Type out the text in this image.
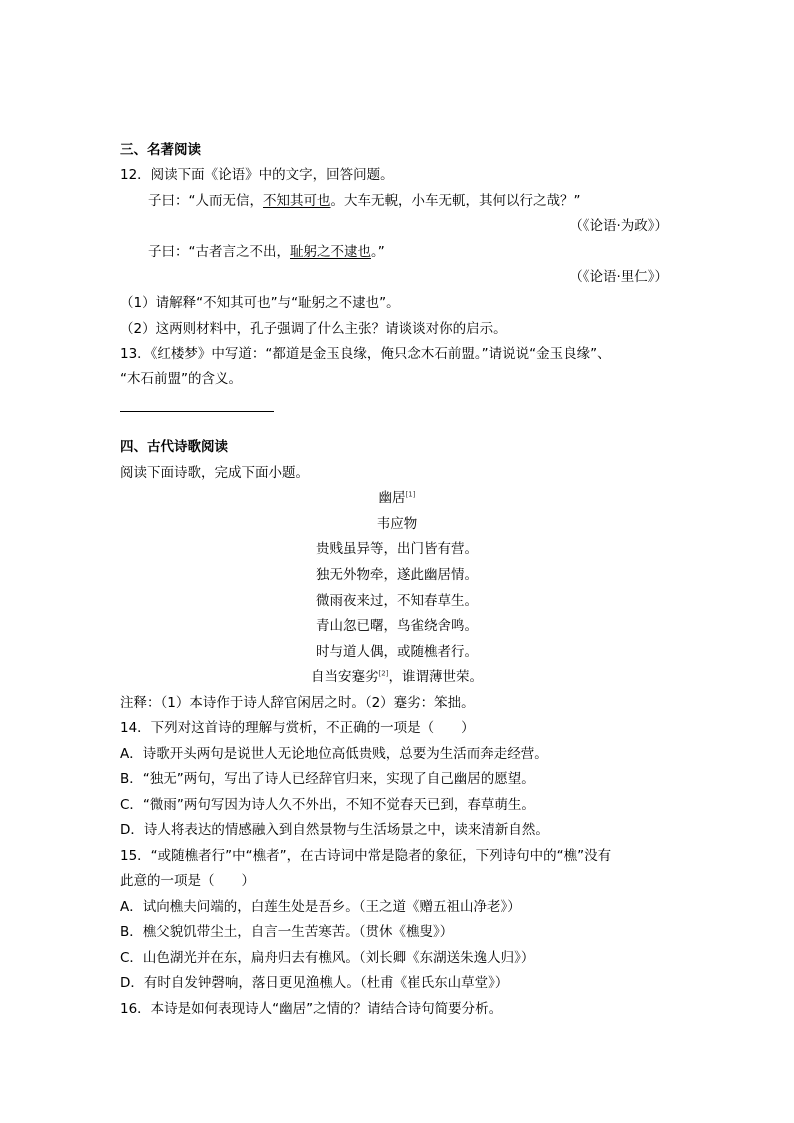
三、名著阅读
12．阅读下面《论语》中的文字，回答问题。
子曰：“人而无信，不知其可也。大车无輗，小车无軏，其何以行之哉？”
（《论语·为政》）
子曰：“古者言之不出，耻躬之不逮也。”
（《论语·里仁》）
（1）请解释“不知其可也”与“耻躬之不逮也”。
（2）这两则材料中，孔子强调了什么主张？请谈谈对你的启示。
13．《红楼梦》中写道：“都道是金玉良缘，俺只念木石前盟。”请说说“金玉良缘”、
“木石前盟”的含义。
四、古代诗歌阅读
阅读下面诗歌，完成下面小题。
幽居[1]
韦应物
贵贱虽异等，出门皆有营。
独无外物牵，遂此幽居情。
微雨夜来过，不知春草生。
青山忽已曙，鸟雀绕舍鸣。
时与道人偶，或随樵者行。
自当安蹇劣[2]，谁谓薄世荣。
注释：（1）本诗作于诗人辞官闲居之时。（2）蹇劣：笨拙。
14．下列对这首诗的理解与赏析，不正确的一项是（　　）
A．诗歌开头两句是说世人无论地位高低贵贱，总要为生活而奔走经营。
B．“独无”两句，写出了诗人已经辞官归来，实现了自己幽居的愿望。
C．“微雨”两句写因为诗人久不外出，不知不觉春天已到，春草萌生。
D．诗人将表达的情感融入到自然景物与生活场景之中，读来清新自然。
15．“或随樵者行”中“樵者”，在古诗词中常是隐者的象征，下列诗句中的“樵”没有
此意的一项是（　　）
A．试向樵夫问端的，白莲生处是吾乡。（王之道《赠五祖山净老》）
B．樵父貌饥带尘土，自言一生苦寒苦。（贯休《樵叟》）
C．山色湖光并在东，扁舟归去有樵风。（刘长卿《东湖送朱逸人归》）
D．有时自发钟磬响，落日更见渔樵人。（杜甫《崔氏东山草堂》）
16．本诗是如何表现诗人“幽居”之情的？请结合诗句简要分析。
